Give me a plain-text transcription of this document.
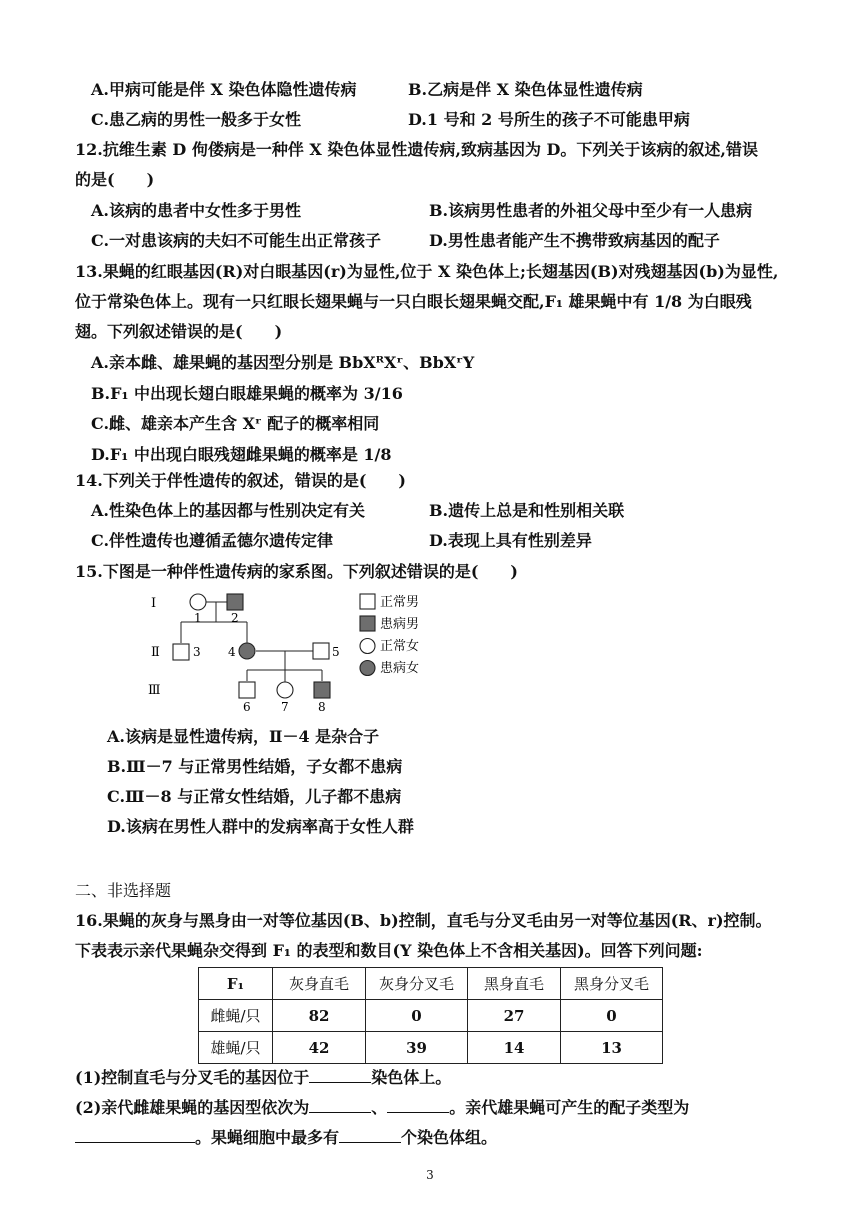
A.甲病可能是伴 X 染色体隐性遗传病	B.乙病是伴 X 染色体显性遗传病
C.患乙病的男性一般多于女性	D.1 号和 2 号所生的孩子不可能患甲病
12.抗维生素 D 佝偻病是一种伴 X 染色体显性遗传病,致病基因为 D。下列关于该病的叙述,错误
的是(　　)
A.该病的患者中女性多于男性	B.该病男性患者的外祖父母中至少有一人患病
C.一对患该病的夫妇不可能生出正常孩子	D.男性患者能产生不携带致病基因的配子
13.果蝇的红眼基因(R)对白眼基因(r)为显性,位于 X 染色体上;长翅基因(B)对残翅基因(b)为显性,
位于常染色体上。现有一只红眼长翅果蝇与一只白眼长翅果蝇交配,F₁ 雄果蝇中有 1/8 为白眼残
翅。下列叙述错误的是(　　)
A.亲本雌、雄果蝇的基因型分别是 BbXᴿXʳ、BbXʳY
B.F₁ 中出现长翅白眼雄果蝇的概率为 3/16
C.雌、雄亲本产生含 Xʳ 配子的概率相同
D.F₁ 中出现白眼残翅雌果蝇的概率是 1/8
14.下列关于伴性遗传的叙述，错误的是(　　)
A.性染色体上的基因都与性别决定有关	B.遗传上总是和性别相关联
C.伴性遗传也遵循孟德尔遗传定律	D.表现上具有性别差异
15.下图是一种伴性遗传病的家系图。下列叙述错误的是(　　)
Ⅰ
Ⅱ
Ⅲ
1 2
3 4	5
6	7 8
正常男
患病男
正常女
患病女
A.该病是显性遗传病，Ⅱ－4 是杂合子
B.Ⅲ－7 与正常男性结婚，子女都不患病
C.Ⅲ－8 与正常女性结婚，儿子都不患病
D.该病在男性人群中的发病率高于女性人群
二、非选择题
16.果蝇的灰身与黑身由一对等位基因(B、b)控制，直毛与分叉毛由另一对等位基因(R、r)控制。
下表表示亲代果蝇杂交得到 F₁ 的表型和数目(Y 染色体上不含相关基因)。回答下列问题:
F₁	灰身直毛	灰身分叉毛	黑身直毛	黑身分叉毛
雌蝇/只	82	0	27	0
雄蝇/只	42	39	14	13
(1)控制直毛与分叉毛的基因位于	染色体上。
(2)亲代雌雄果蝇的基因型依次为	、	。亲代雄果蝇可产生的配子类型为
。果蝇细胞中最多有	个染色体组。
3
